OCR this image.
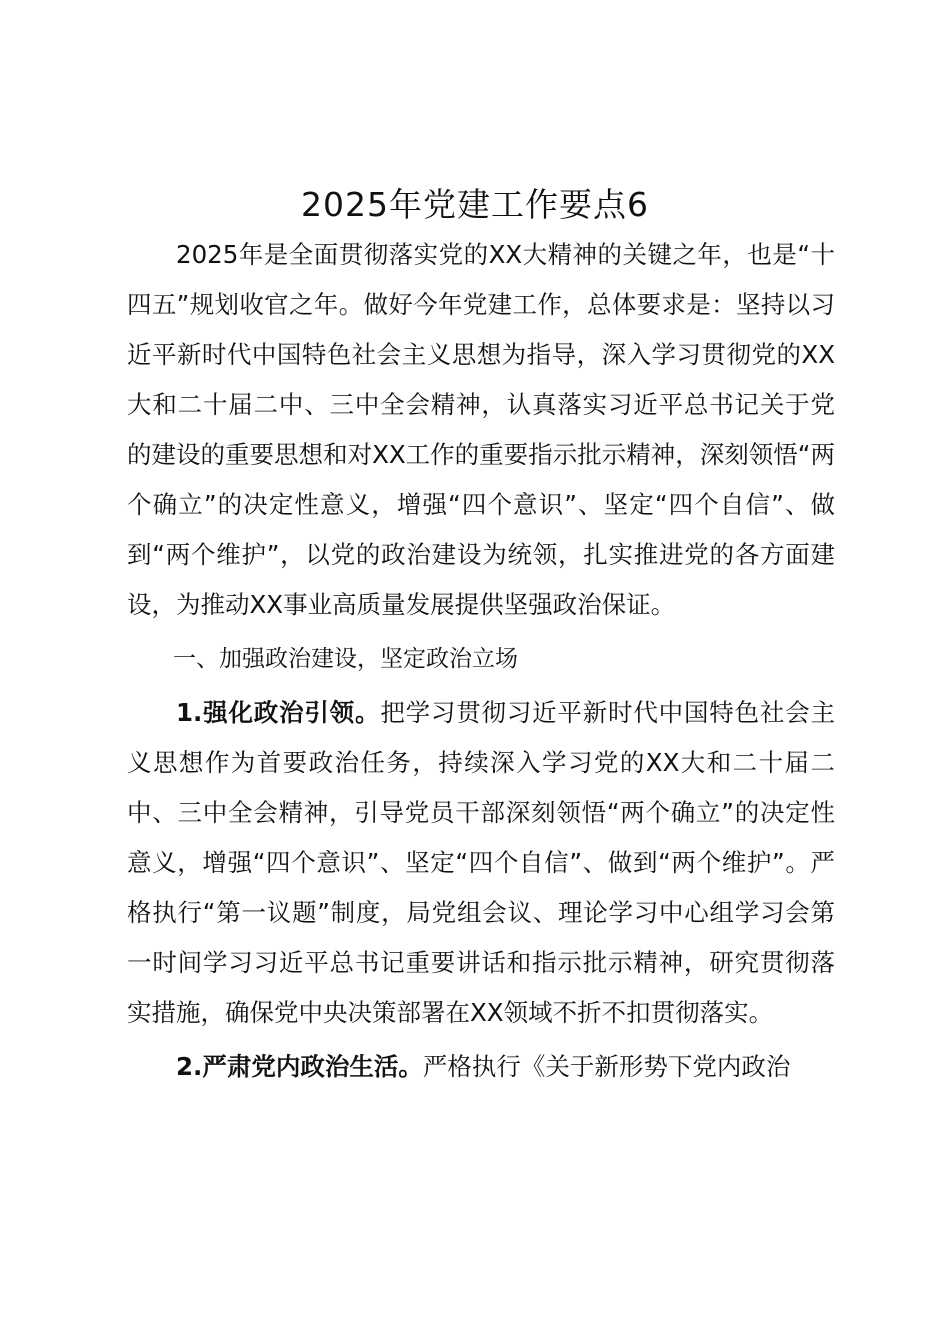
2025年党建工作要点6

2025年是全面贯彻落实党的XX大精神的关键之年，也是“十四五”规划收官之年。做好今年党建工作，总体要求是：坚持以习近平新时代中国特色社会主义思想为指导，深入学习贯彻党的XX大和二十届二中、三中全会精神，认真落实习近平总书记关于党的建设的重要思想和对XX工作的重要指示批示精神，深刻领悟“两个确立”的决定性意义，增强“四个意识”、坚定“四个自信”、做到“两个维护”，以党的政治建设为统领，扎实推进党的各方面建设，为推动XX事业高质量发展提供坚强政治保证。

一、加强政治建设，坚定政治立场

1.强化政治引领。把学习贯彻习近平新时代中国特色社会主义思想作为首要政治任务，持续深入学习党的XX大和二十届二中、三中全会精神，引导党员干部深刻领悟“两个确立”的决定性意义，增强“四个意识”、坚定“四个自信”、做到“两个维护”。严格执行“第一议题”制度，局党组会议、理论学习中心组学习会第一时间学习习近平总书记重要讲话和指示批示精神，研究贯彻落实措施，确保党中央决策部署在XX领域不折不扣贯彻落实。

2.严肃党内政治生活。严格执行《关于新形势下党内政治
